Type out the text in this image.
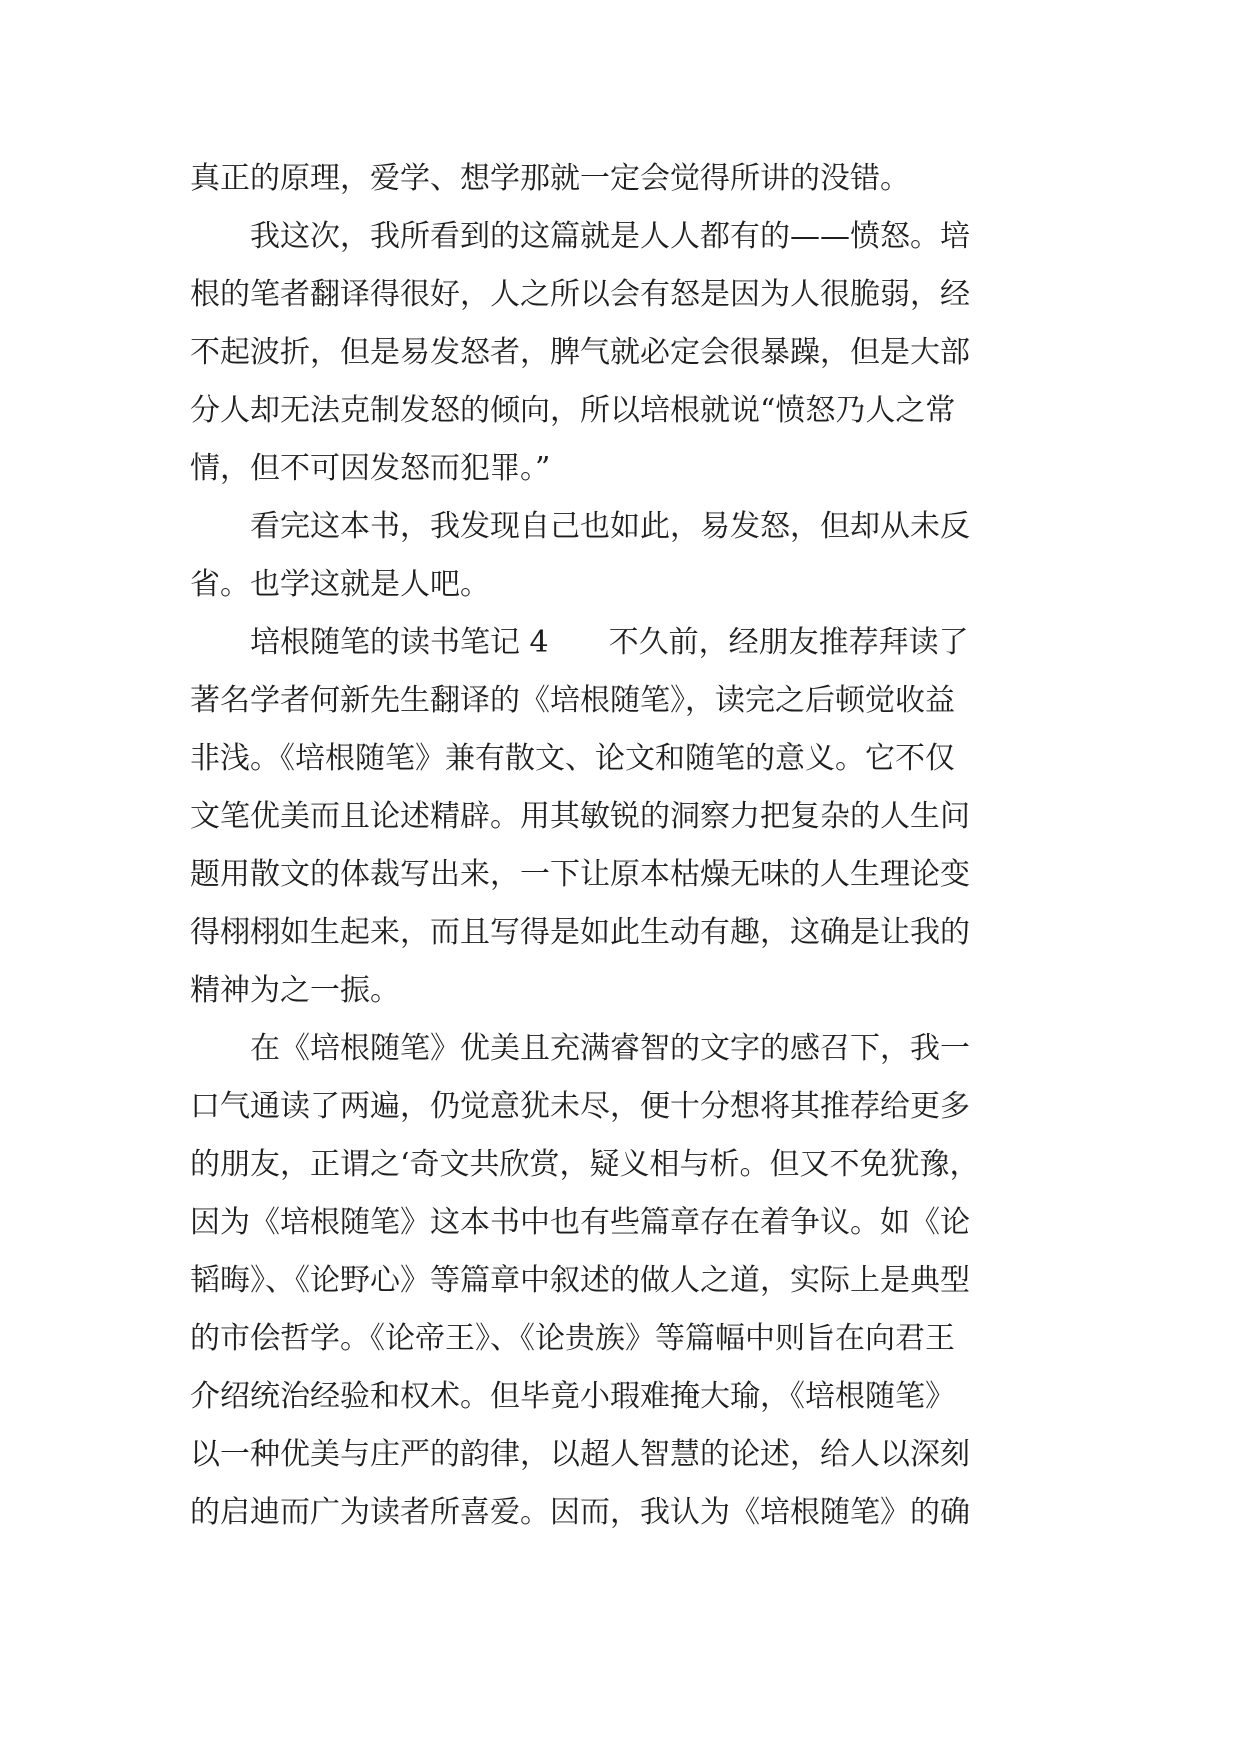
真正的原理，爱学、想学那就一定会觉得所讲的没错。
我这次，我所看到的这篇就是人人都有的——愤怒。培
根的笔者翻译得很好，人之所以会有怒是因为人很脆弱，经
不起波折，但是易发怒者，脾气就必定会很暴躁，但是大部
分人却无法克制发怒的倾向，所以培根就说“愤怒乃人之常
情，但不可因发怒而犯罪。”
看完这本书，我发现自己也如此，易发怒，但却从未反
省。也学这就是人吧。
培根随笔的读书笔记 4 不久前，经朋友推荐拜读了
著名学者何新先生翻译的《培根随笔》，读完之后顿觉收益
非浅。《培根随笔》兼有散文、论文和随笔的意义。它不仅
文笔优美而且论述精辟。用其敏锐的洞察力把复杂的人生问
题用散文的体裁写出来，一下让原本枯燥无味的人生理论变
得栩栩如生起来，而且写得是如此生动有趣，这确是让我的
精神为之一振。
在《培根随笔》优美且充满睿智的文字的感召下，我一
口气通读了两遍，仍觉意犹未尽，便十分想将其推荐给更多
的朋友，正谓之‘奇文共欣赏，疑义相与析。但又不免犹豫，
因为《培根随笔》这本书中也有些篇章存在着争议。如《论
韬晦》、《论野心》等篇章中叙述的做人之道，实际上是典型
的市侩哲学。《论帝王》、《论贵族》等篇幅中则旨在向君王
介绍统治经验和权术。但毕竟小瑕难掩大瑜，《培根随笔》
以一种优美与庄严的韵律，以超人智慧的论述，给人以深刻
的启迪而广为读者所喜爱。因而，我认为《培根随笔》的确
